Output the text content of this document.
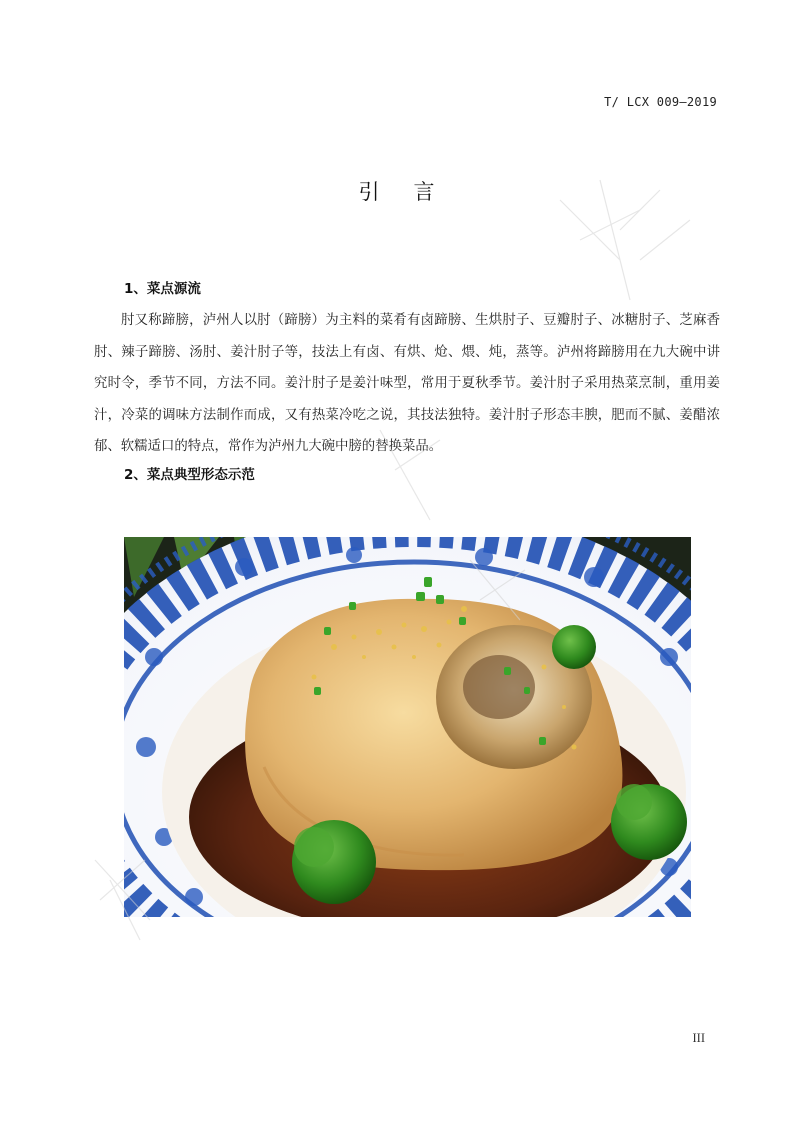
T/ LCX 009—2019
引言
1、菜点源流

肘又称蹄膀，泸州人以肘（蹄膀）为主料的菜肴有卤蹄膀、生烘肘子、豆瓣肘子、冰糖肘子、芝麻香肘、辣子蹄膀、汤肘、姜汁肘子等，技法上有卤、有烘、炝、煨、炖，蒸等。泸州将蹄膀用在九大碗中讲究时令，季节不同，方法不同。姜汁肘子是姜汁味型，常用于夏秋季节。姜汁肘子采用热菜烹制，重用姜汁，冷菜的调味方法制作而成，又有热菜冷吃之说，其技法独特。姜汁肘子形态丰腴，肥而不腻、姜醋浓郁、软糯适口的特点，常作为泸州九大碗中膀的替换菜品。

2、菜点典型形态示范
III
